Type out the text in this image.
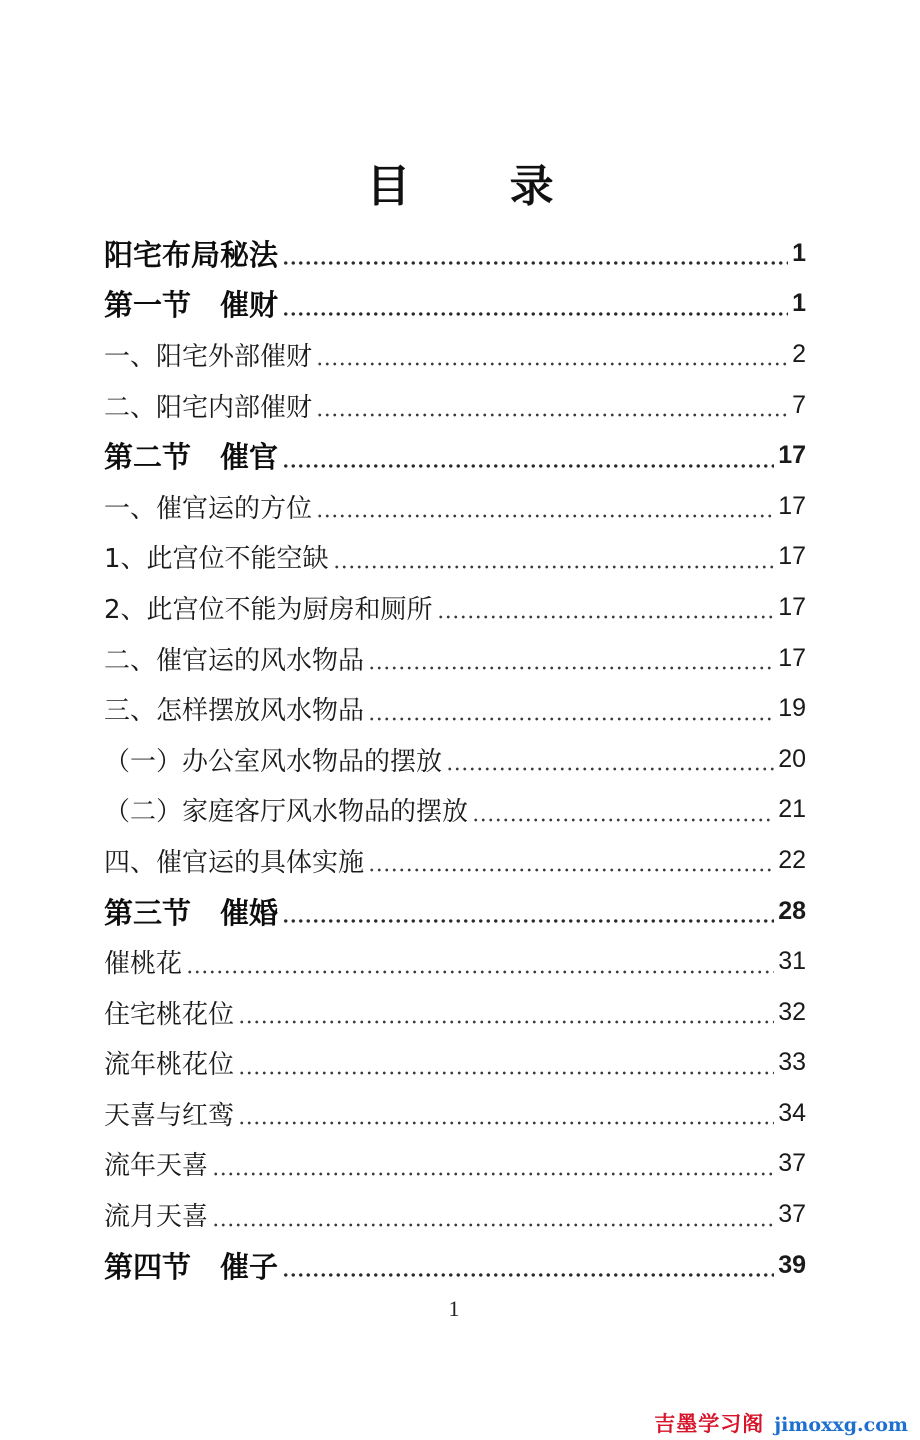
目 录
阳宅布局秘法	1
第一节　催财	1
一、阳宅外部催财	2
二、阳宅内部催财	7
第二节　催官	17
一、催官运的方位	17
1、此宫位不能空缺	17
2、此宫位不能为厨房和厕所	17
二、催官运的风水物品	17
三、怎样摆放风水物品	19
（一）办公室风水物品的摆放	20
（二）家庭客厅风水物品的摆放	21
四、催官运的具体实施	22
第三节　催婚	28
催桃花	31
住宅桃花位	32
流年桃花位	33
天喜与红鸾	34
流年天喜	37
流月天喜	37
第四节　催子	39
1
吉墨学习阁 jimoxxg.com
